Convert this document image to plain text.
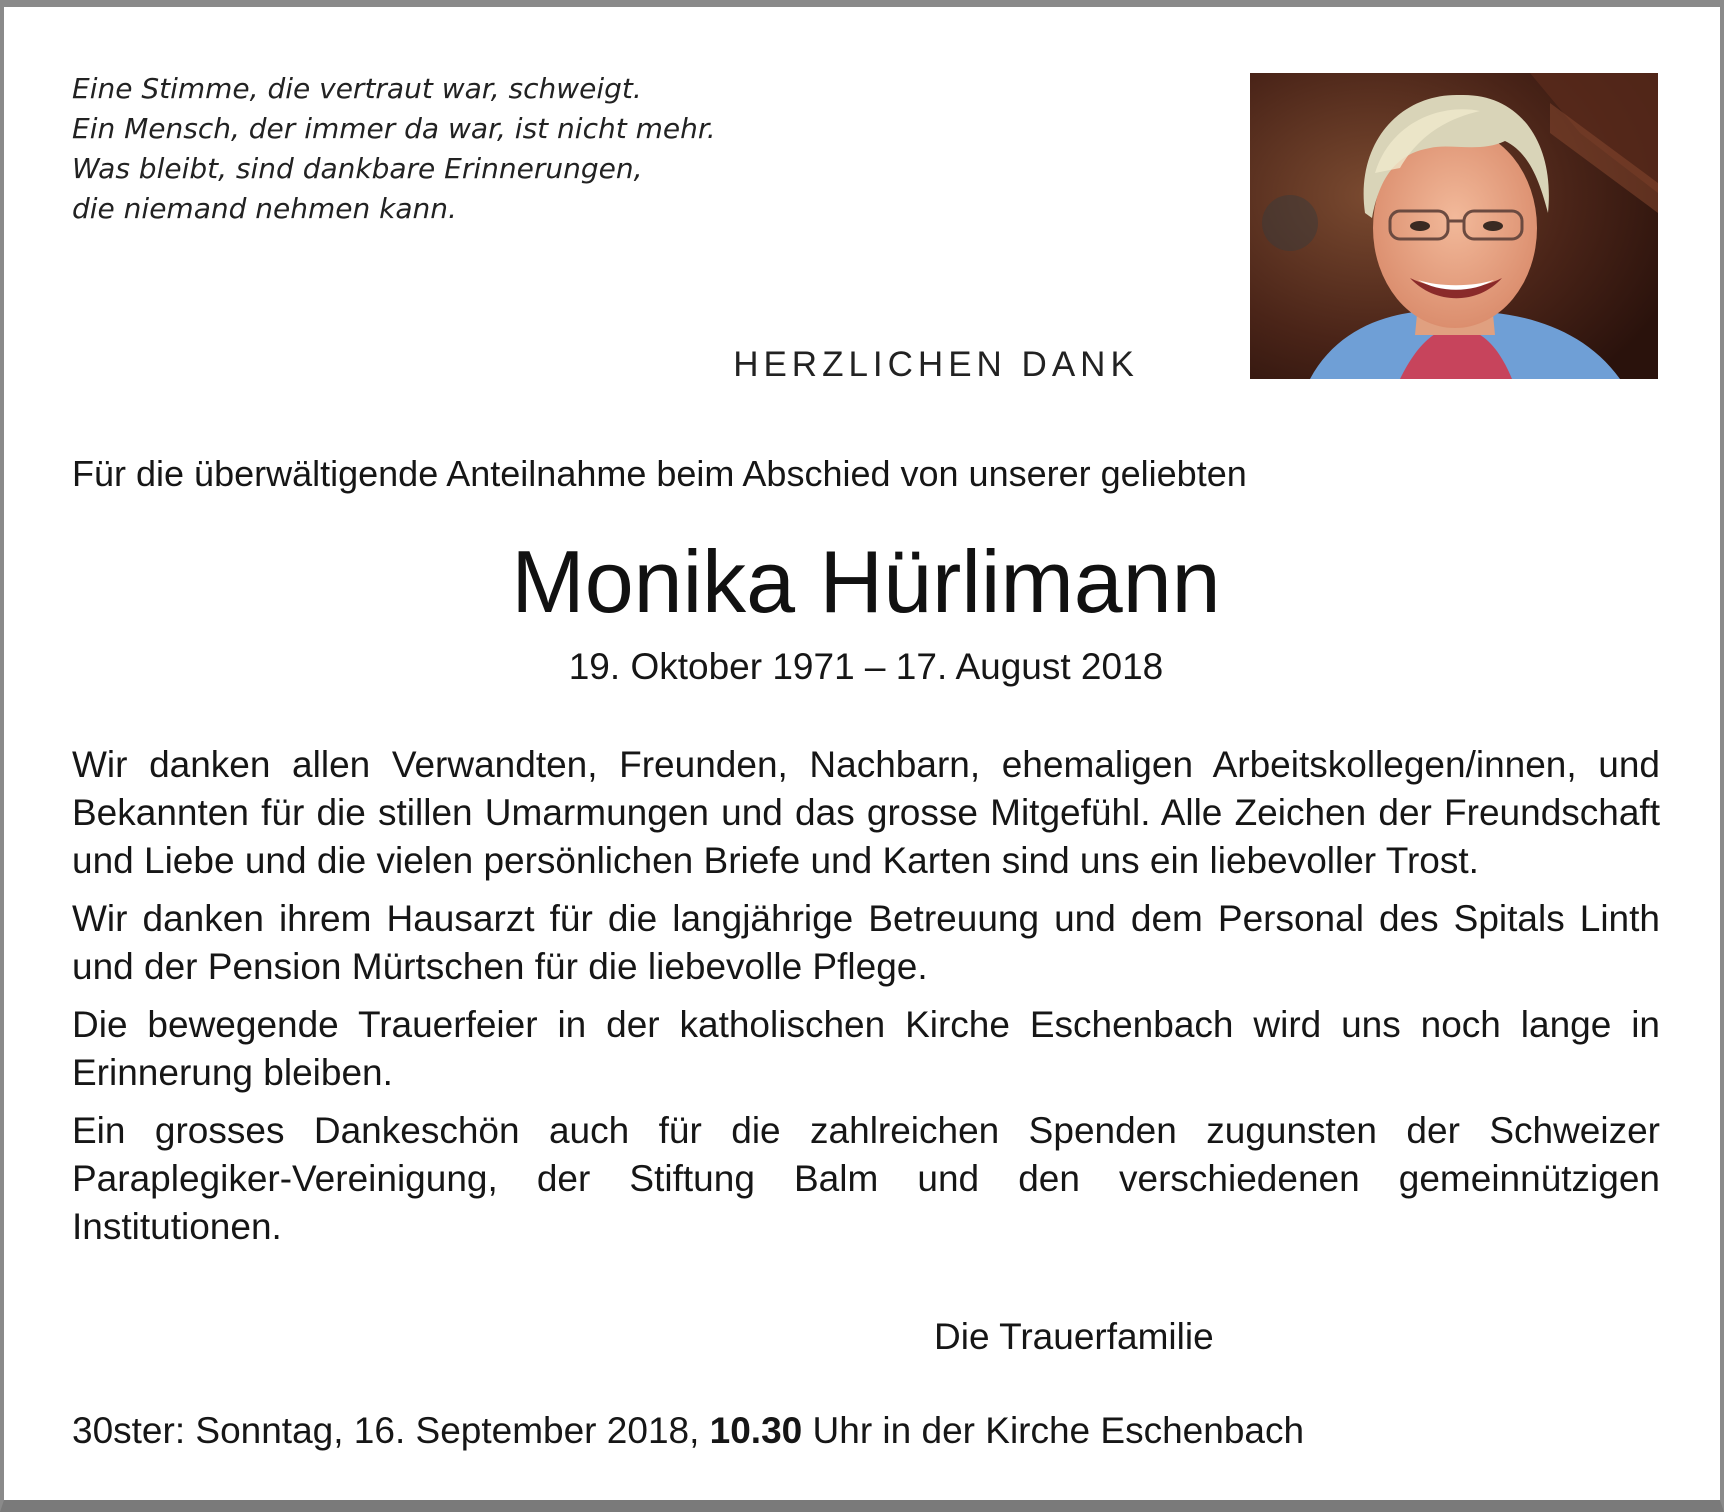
Eine Stimme, die vertraut war, schweigt.
Ein Mensch, der immer da war, ist nicht mehr.
Was bleibt, sind dankbare Erinnerungen,
die niemand nehmen kann.
HERZLICHEN DANK
Für die überwältigende Anteilnahme beim Abschied von unserer geliebten
Monika Hürlimann
19. Oktober 1971 – 17. August 2018

Wir danken allen Verwandten, Freunden, Nachbarn, ehemaligen Arbeitskollegen/innen, und Bekannten für die stillen Umarmungen und das grosse Mitgefühl. Alle Zeichen der Freundschaft und Liebe und die vielen persönlichen Briefe und Karten sind uns ein liebevoller Trost.

Wir danken ihrem Hausarzt für die langjährige Betreuung und dem Personal des Spitals Linth und der Pension Mürtschen für die liebevolle Pflege.

Die bewegende Trauerfeier in der katholischen Kirche Eschenbach wird uns noch lange in Erinnerung bleiben.

Ein grosses Dankeschön auch für die zahlreichen Spenden zugunsten der Schweizer Paraplegiker-Vereinigung, der Stiftung Balm und den verschiedenen gemeinnützigen Institutionen.

Die Trauerfamilie
30ster: Sonntag, 16. September 2018, 10.30 Uhr in der Kirche Eschenbach
